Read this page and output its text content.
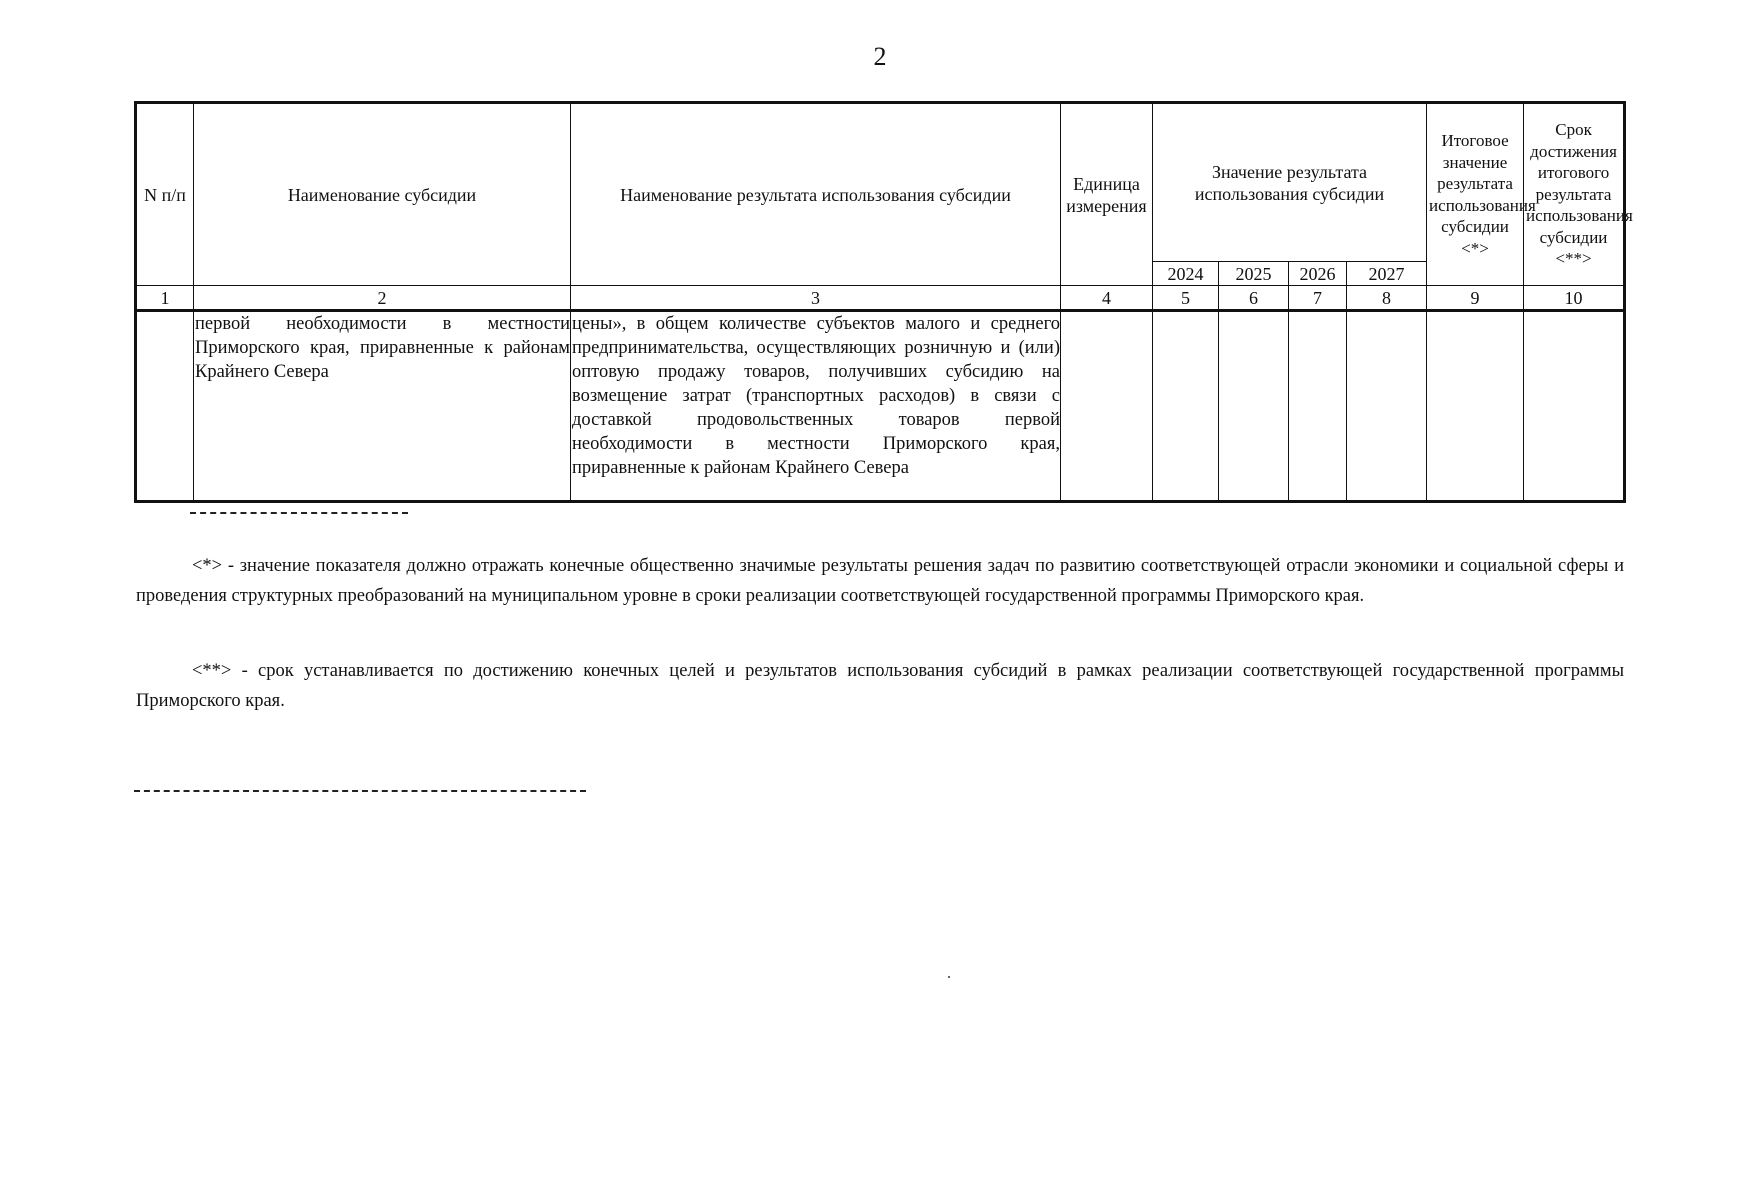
2
N п/п	Наименование субсидии	Наименование результата использования субсидии	Единица измерения	Значение результата использования субсидии				Итоговое значение результата использования субсидии <*>	Срок достижения итогового результата использования субсидии <**>
				2024	2025	2026	2027		
1	2	3	4	5	6	7	8	9	10
	первой необходимости в местности Приморского края, приравненные к районам Крайнего Севера	цены», в общем количестве субъектов малого и среднего предпринимательства, осуществляющих розничную и (или) оптовую продажу товаров, получивших субсидию на возмещение затрат (транспортных расходов) в связи с доставкой продовольственных товаров первой необходимости в местности Приморского края, приравненные к районам Крайнего Севера							

<*> - значение показателя должно отражать конечные общественно значимые результаты решения задач по развитию соответствующей отрасли экономики и социальной сферы и проведения структурных преобразований на муниципальном уровне в сроки реализации соответствующей государственной программы Приморского края.

<**> - срок устанавливается по достижению конечных целей и результатов использования субсидий в рамках реализации соответствующей государственной программы Приморского края.
